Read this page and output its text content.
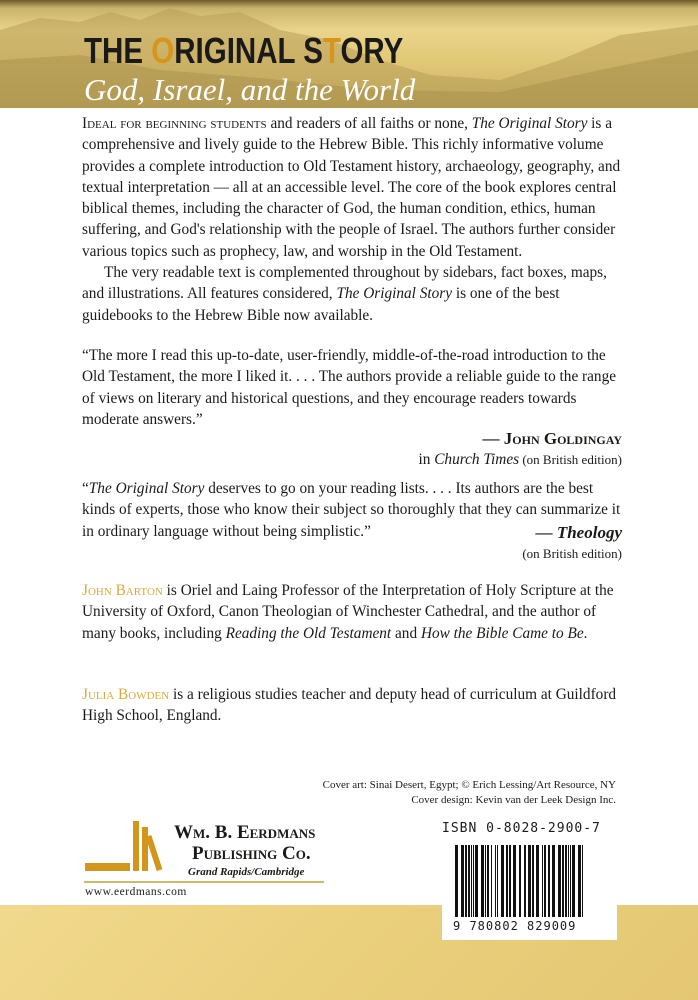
THE ORIGINAL STORY
God, Israel, and the World

Ideal for beginning students and readers of all faiths or none, The Original Story is a comprehensive and lively guide to the Hebrew Bible. This richly informative volume provides a complete introduction to Old Testament history, archaeology, geography, and textual interpretation — all at an accessible level. The core of the book explores central biblical themes, including the character of God, the human condition, ethics, human suffering, and God's relationship with the people of Israel. The authors further consider various topics such as prophecy, law, and worship in the Old Testament.

The very readable text is complemented throughout by sidebars, fact boxes, maps, and illustrations. All features considered, The Original Story is one of the best guidebooks to the Hebrew Bible now available.

“The more I read this up-to-date, user-friendly, middle-of-the-road introduction to the Old Testament, the more I liked it. . . . The authors provide a reliable guide to the range of views on literary and historical questions, and they encourage readers towards moderate answers.”

— John Goldingay

in Church Times (on British edition)

“The Original Story deserves to go on your reading lists. . . . Its authors are the best kinds of experts, those who know their subject so thoroughly that they can summarize it in ordinary language without being simplistic.”	— Theology

(on British edition)

John Barton is Oriel and Laing Professor of the Interpretation of Holy Scripture at the University of Oxford, Canon Theologian of Winchester Cathedral, and the author of many books, including Reading the Old Testament and How the Bible Came to Be.

Julia Bowden is a religious studies teacher and deputy head of curriculum at Guildford High School, England.

Cover art: Sinai Desert, Egypt; © Erich Lessing/Art Resource, NY
Cover design: Kevin van der Leek Design Inc.
Wm. B. Eerdmans
Publishing Co.
Grand Rapids/Cambridge
www.eerdmans.com
ISBN 0-8028-2900-7
9 780802 829009
